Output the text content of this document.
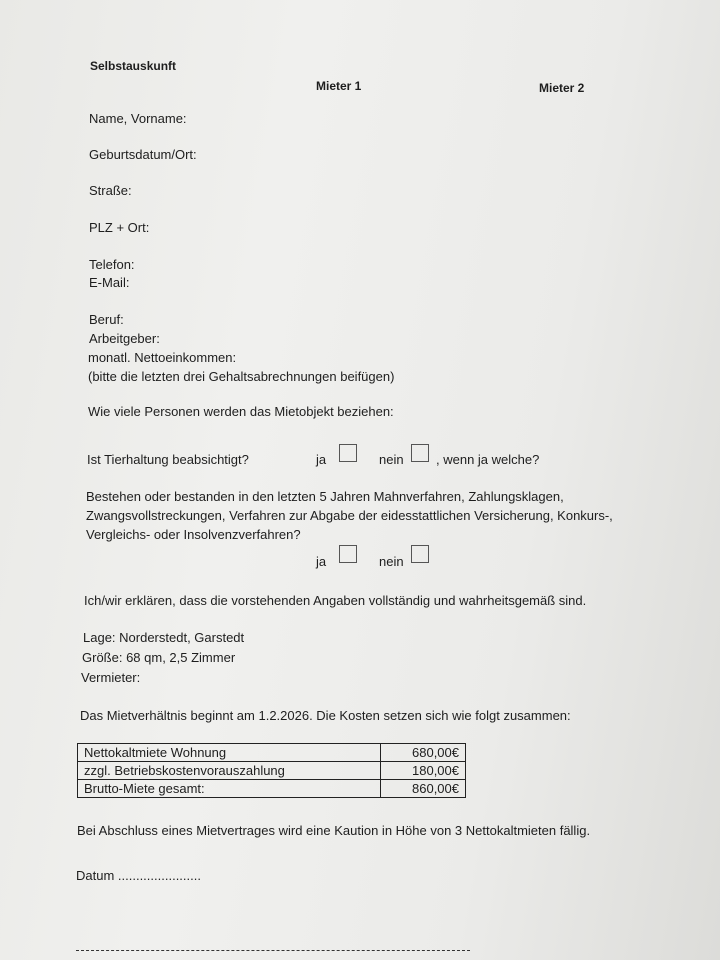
Selbstauskunft
Mieter 1	Mieter 2
Name, Vorname:
Geburtsdatum/Ort:
Straße:
PLZ + Ort:
Telefon:
E-Mail:
Beruf:
Arbeitgeber:
monatl. Nettoeinkommen:
(bitte die letzten drei Gehaltsabrechnungen beifügen)
Wie viele Personen werden das Mietobjekt beziehen:
Ist Tierhaltung beabsichtigt?	ja	nein , wenn ja welche?
Bestehen oder bestanden in den letzten 5 Jahren Mahnverfahren, Zahlungsklagen,
Zwangsvollstreckungen, Verfahren zur Abgabe der eidesstattlichen Versicherung, Konkurs-,
Vergleichs- oder Insolvenzverfahren?
ja	nein
Ich/wir erklären, dass die vorstehenden Angaben vollständig und wahrheitsgemäß sind.
Lage: Norderstedt, Garstedt
Größe: 68 qm, 2,5 Zimmer
Vermieter:
Das Mietverhältnis beginnt am 1.2.2026. Die Kosten setzen sich wie folgt zusammen:
Nettokaltmiete Wohnung	680,00€
zzgl. Betriebskostenvorauszahlung	180,00€
Brutto-Miete gesamt:	860,00€
Bei Abschluss eines Mietvertrages wird eine Kaution in Höhe von 3 Nettokaltmieten fällig.
Datum .......................
